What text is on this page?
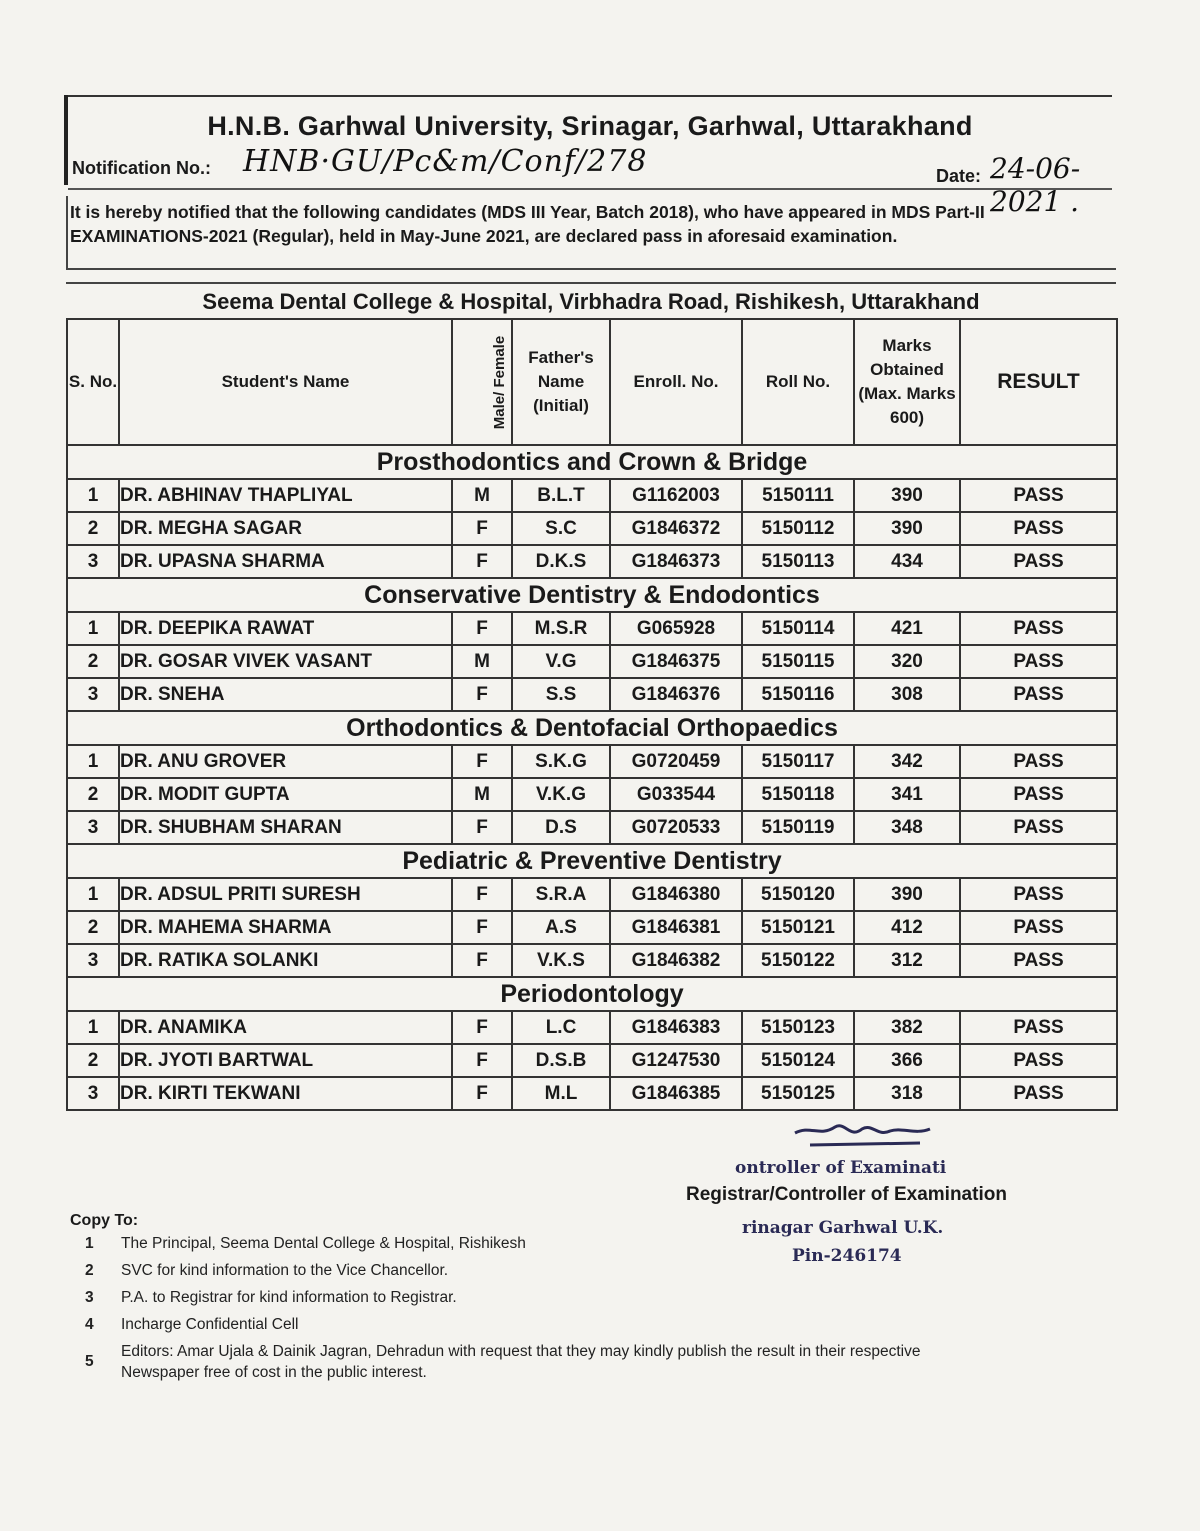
H.N.B. Garhwal University, Srinagar, Garhwal, Uttarakhand
Notification No.: HNB·GU/Pc&m/Conf/278	Date: 24-06-2021 .
It is hereby notified that the following candidates (MDS III Year, Batch 2018), who have appeared in MDS Part-II EXAMINATIONS-2021 (Regular), held in May-June 2021, are declared pass in aforesaid examination.
Seema Dental College & Hospital, Virbhadra Road, Rishikesh, Uttarakhand
S. No.	Student's Name	Male/ Female	Father's Name (Initial)	Enroll. No.	Roll No.	Marks Obtained (Max. Marks 600)	RESULT
Prosthodontics and Crown & Bridge							
1	DR. ABHINAV THAPLIYAL	M	B.L.T	G1162003	5150111	390	PASS
2	DR. MEGHA SAGAR	F	S.C	G1846372	5150112	390	PASS
3	DR. UPASNA SHARMA	F	D.K.S	G1846373	5150113	434	PASS
Conservative Dentistry & Endodontics							
1	DR. DEEPIKA RAWAT	F	M.S.R	G065928	5150114	421	PASS
2	DR. GOSAR VIVEK VASANT	M	V.G	G1846375	5150115	320	PASS
3	DR. SNEHA	F	S.S	G1846376	5150116	308	PASS
Orthodontics & Dentofacial Orthopaedics							
1	DR. ANU GROVER	F	S.K.G	G0720459	5150117	342	PASS
2	DR. MODIT GUPTA	M	V.K.G	G033544	5150118	341	PASS
3	DR. SHUBHAM SHARAN	F	D.S	G0720533	5150119	348	PASS
Pediatric & Preventive Dentistry							
1	DR. ADSUL PRITI SURESH	F	S.R.A	G1846380	5150120	390	PASS
2	DR. MAHEMA SHARMA	F	A.S	G1846381	5150121	412	PASS
3	DR. RATIKA SOLANKI	F	V.K.S	G1846382	5150122	312	PASS
Periodontology							
1	DR. ANAMIKA	F	L.C	G1846383	5150123	382	PASS
2	DR. JYOTI BARTWAL	F	D.S.B	G1247530	5150124	366	PASS
3	DR. KIRTI TEKWANI	F	M.L	G1846385	5150125	318	PASS
ontroller of Examinati
Registrar/Controller of Examination
rinagar Garhwal U.K.
Pin-246174
Copy To:
1 The Principal, Seema Dental College & Hospital, Rishikesh
2 SVC for kind information to the Vice Chancellor.
3 P.A. to Registrar for kind information to Registrar.
4 Incharge Confidential Cell
5
Editors: Amar Ujala & Dainik Jagran, Dehradun with request that they may kindly publish the result in their respective Newspaper free of cost in the public interest.
